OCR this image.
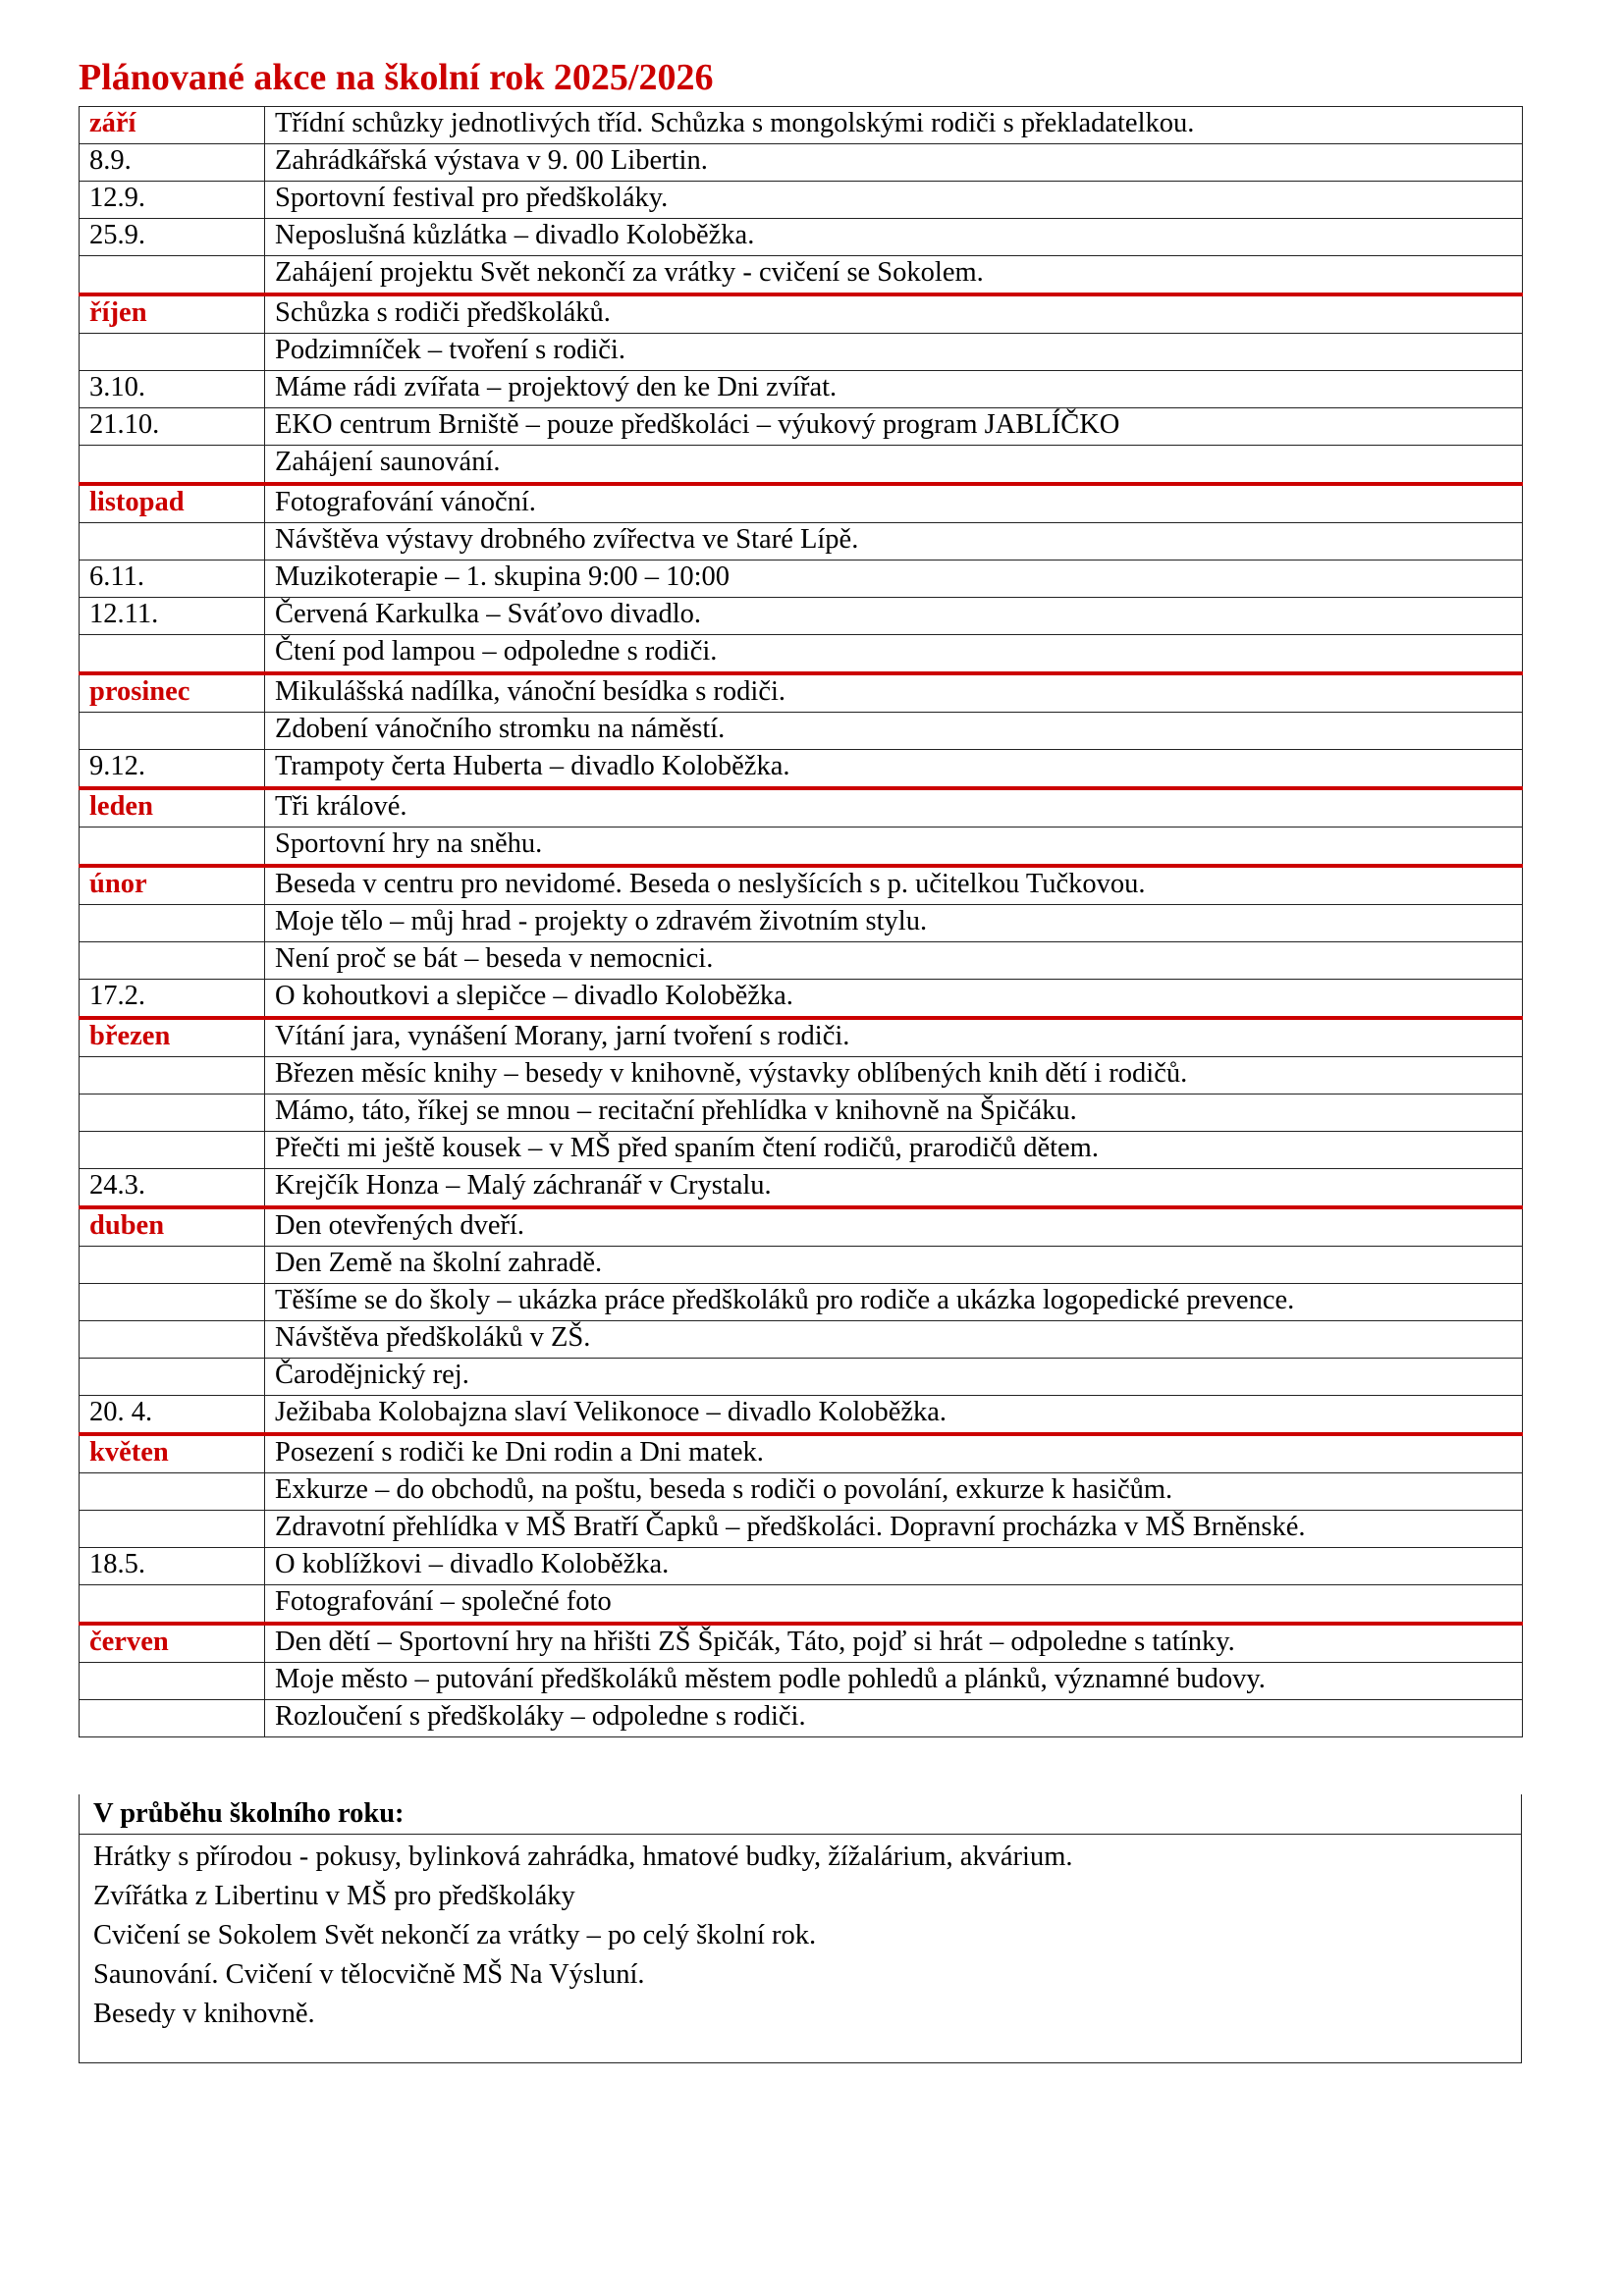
Plánované akce na školní rok 2025/2026
září	Třídní schůzky jednotlivých tříd. Schůzka s mongolskými rodiči s překladatelkou.
8.9.	Zahrádkářská výstava v 9. 00 Libertin.
12.9.	Sportovní festival pro předškoláky.
25.9.	Neposlušná kůzlátka – divadlo Koloběžka.
	Zahájení projektu Svět nekončí za vrátky - cvičení se Sokolem.
říjen	Schůzka s rodiči předškoláků.
	Podzimníček – tvoření s rodiči.
3.10.	Máme rádi zvířata – projektový den ke Dni zvířat.
21.10.	EKO centrum Brniště – pouze předškoláci – výukový program JABLÍČKO
	Zahájení saunování.
listopad	Fotografování vánoční.
	Návštěva výstavy drobného zvířectva ve Staré Lípě.
6.11.	Muzikoterapie – 1. skupina 9:00 – 10:00
12.11.	Červená Karkulka – Sváťovo divadlo.
	Čtení pod lampou – odpoledne s rodiči.
prosinec	Mikulášská nadílka, vánoční besídka s rodiči.
	Zdobení vánočního stromku na náměstí.
9.12.	Trampoty čerta Huberta – divadlo Koloběžka.
leden	Tři králové.
	Sportovní hry na sněhu.
únor	Beseda v centru pro nevidomé. Beseda o neslyšících s p. učitelkou Tučkovou.
	Moje tělo – můj hrad - projekty o zdravém životním stylu.
	Není proč se bát – beseda v nemocnici.
17.2.	O kohoutkovi a slepičce – divadlo Koloběžka.
březen	Vítání jara, vynášení Morany, jarní tvoření s rodiči.
	Březen měsíc knihy – besedy v knihovně, výstavky oblíbených knih dětí i rodičů.
	Mámo, táto, říkej se mnou – recitační přehlídka v knihovně na Špičáku.
	Přečti mi ještě kousek – v MŠ před spaním čtení rodičů, prarodičů dětem.
24.3.	Krejčík Honza – Malý záchranář v Crystalu.
duben	Den otevřených dveří.
	Den Země na školní zahradě.
	Těšíme se do školy – ukázka práce předškoláků pro rodiče a ukázka logopedické prevence.
	Návštěva předškoláků v ZŠ.
	Čarodějnický rej.
20. 4.	Ježibaba Kolobajzna slaví Velikonoce – divadlo Koloběžka.
květen	Posezení s rodiči ke Dni rodin a Dni matek.
	Exkurze – do obchodů, na poštu, beseda s rodiči o povolání, exkurze k hasičům.
	Zdravotní přehlídka v MŠ Bratří Čapků – předškoláci. Dopravní procházka v MŠ Brněnské.
18.5.	O koblížkovi – divadlo Koloběžka.
	Fotografování – společné foto
červen	Den dětí – Sportovní hry na hřišti ZŠ Špičák, Táto, pojď si hrát – odpoledne s tatínky.
	Moje město – putování předškoláků městem podle pohledů a plánků, významné budovy.
	Rozloučení s předškoláky – odpoledne s rodiči.
V průběhu školního roku:
Hrátky s přírodou - pokusy, bylinková zahrádka, hmatové budky, žížalárium, akvárium.
Zvířátka z Libertinu v MŠ pro předškoláky
Cvičení se Sokolem Svět nekončí za vrátky – po celý školní rok.
Saunování. Cvičení v tělocvičně MŠ Na Výsluní.
Besedy v knihovně.
